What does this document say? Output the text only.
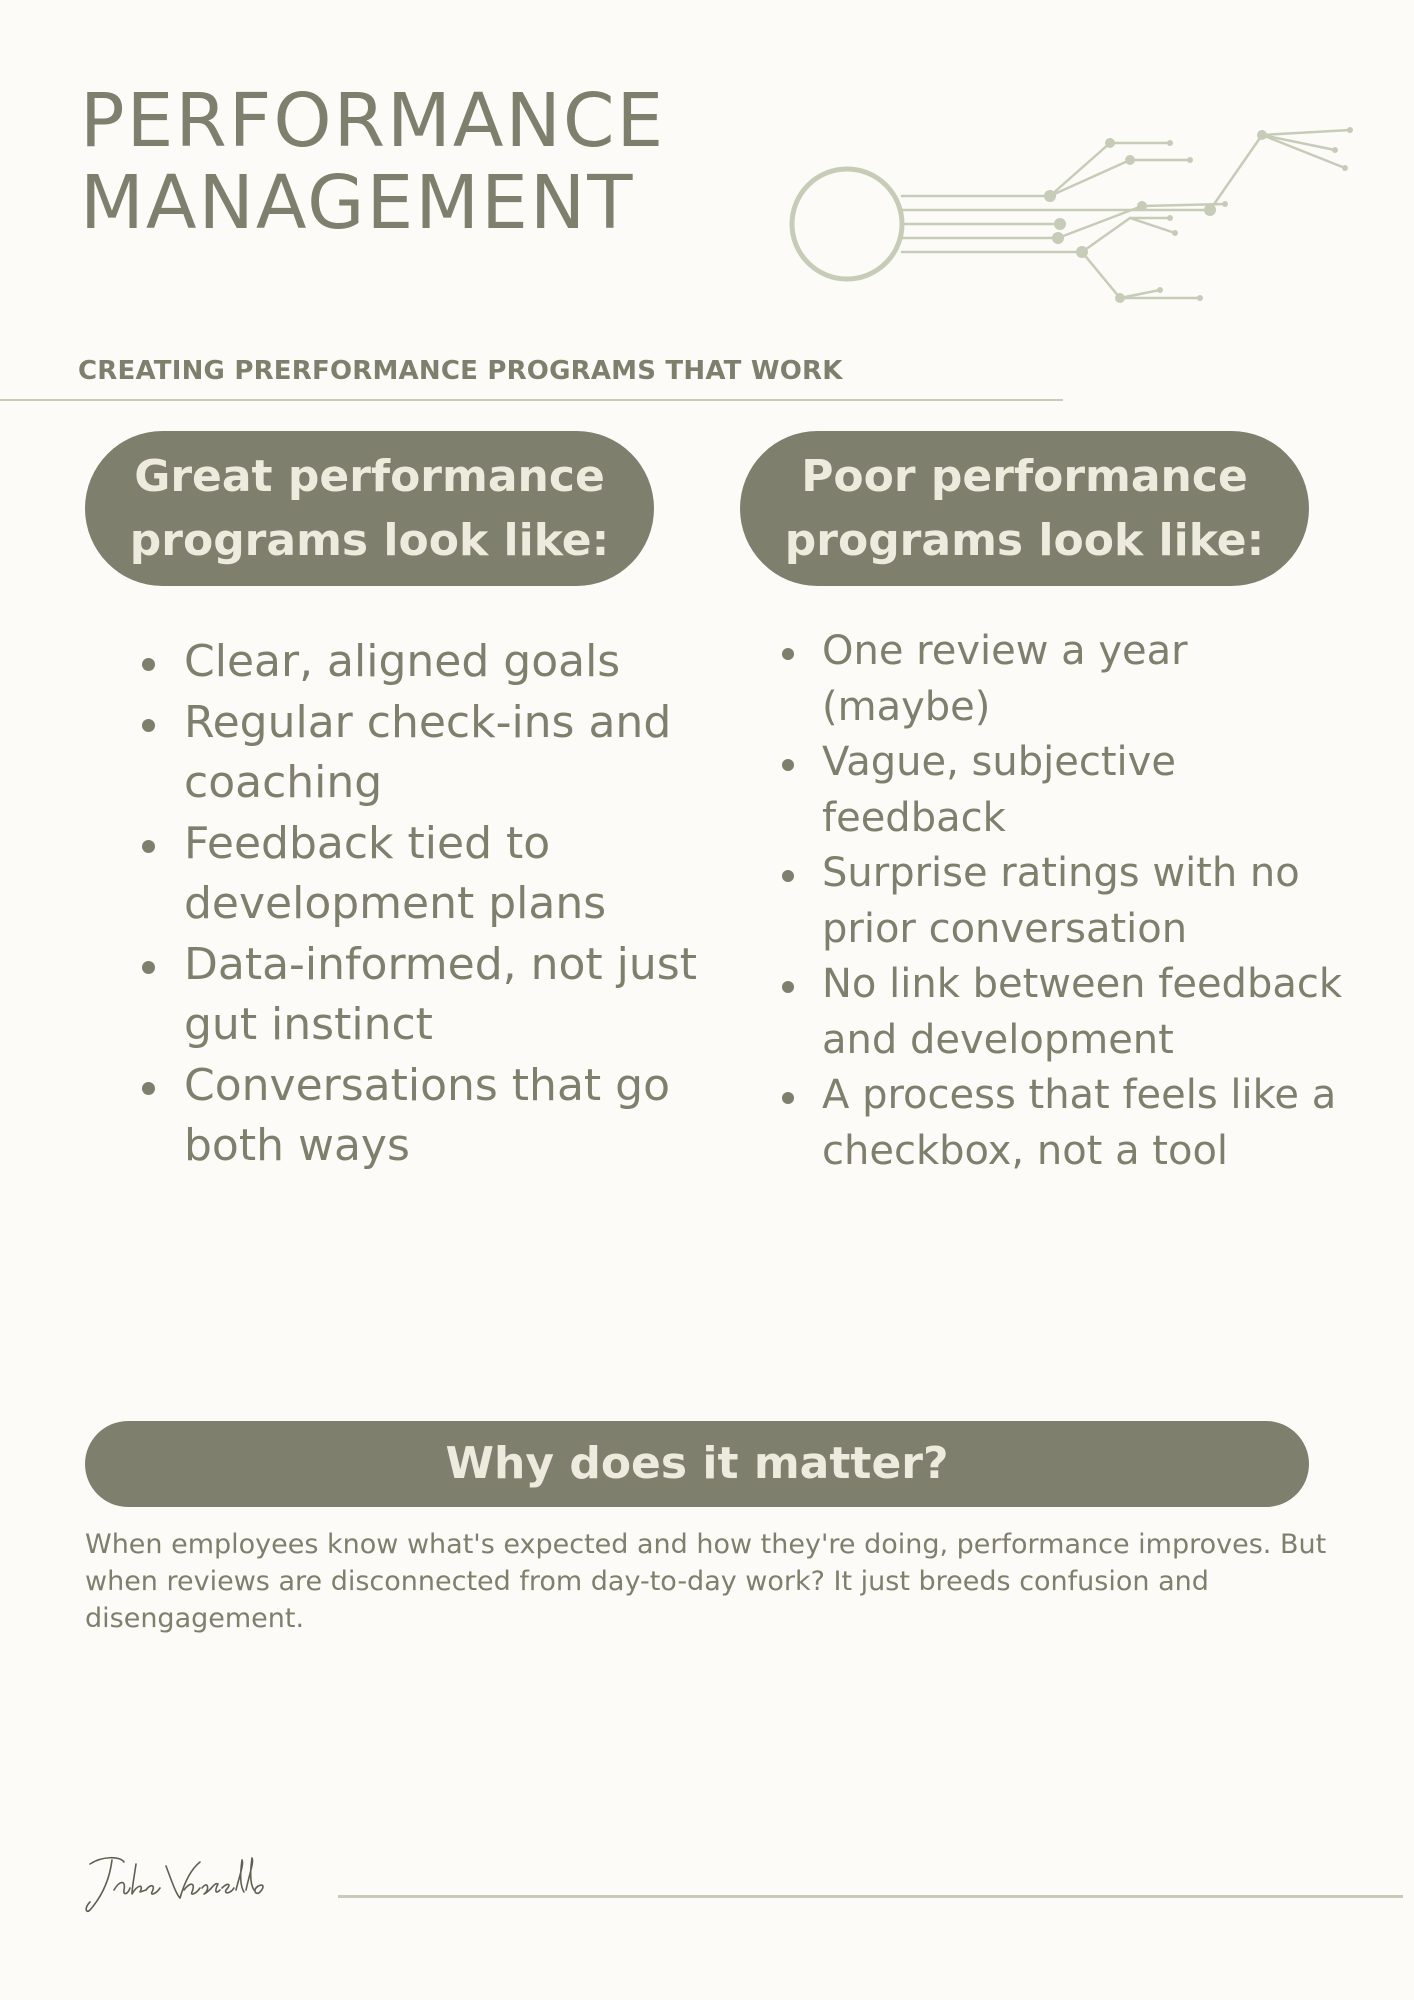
PERFORMANCE
MANAGEMENT
CREATING PRERFORMANCE PROGRAMS THAT WORK
Great performance
programs look like:
Poor performance
programs look like:
Clear, aligned goals
Regular check-ins and coaching
Feedback tied to development plans
Data-informed, not just gut instinct
Conversations that go both ways
One review a year (maybe)
Vague, subjective feedback
Surprise ratings with no prior conversation
No link between feedback and development
A process that feels like a checkbox, not a tool
Why does it matter?

When employees know what's expected and how they're doing, performance improves. But when reviews are disconnected from day-to-day work? It just breeds confusion and disengagement.
